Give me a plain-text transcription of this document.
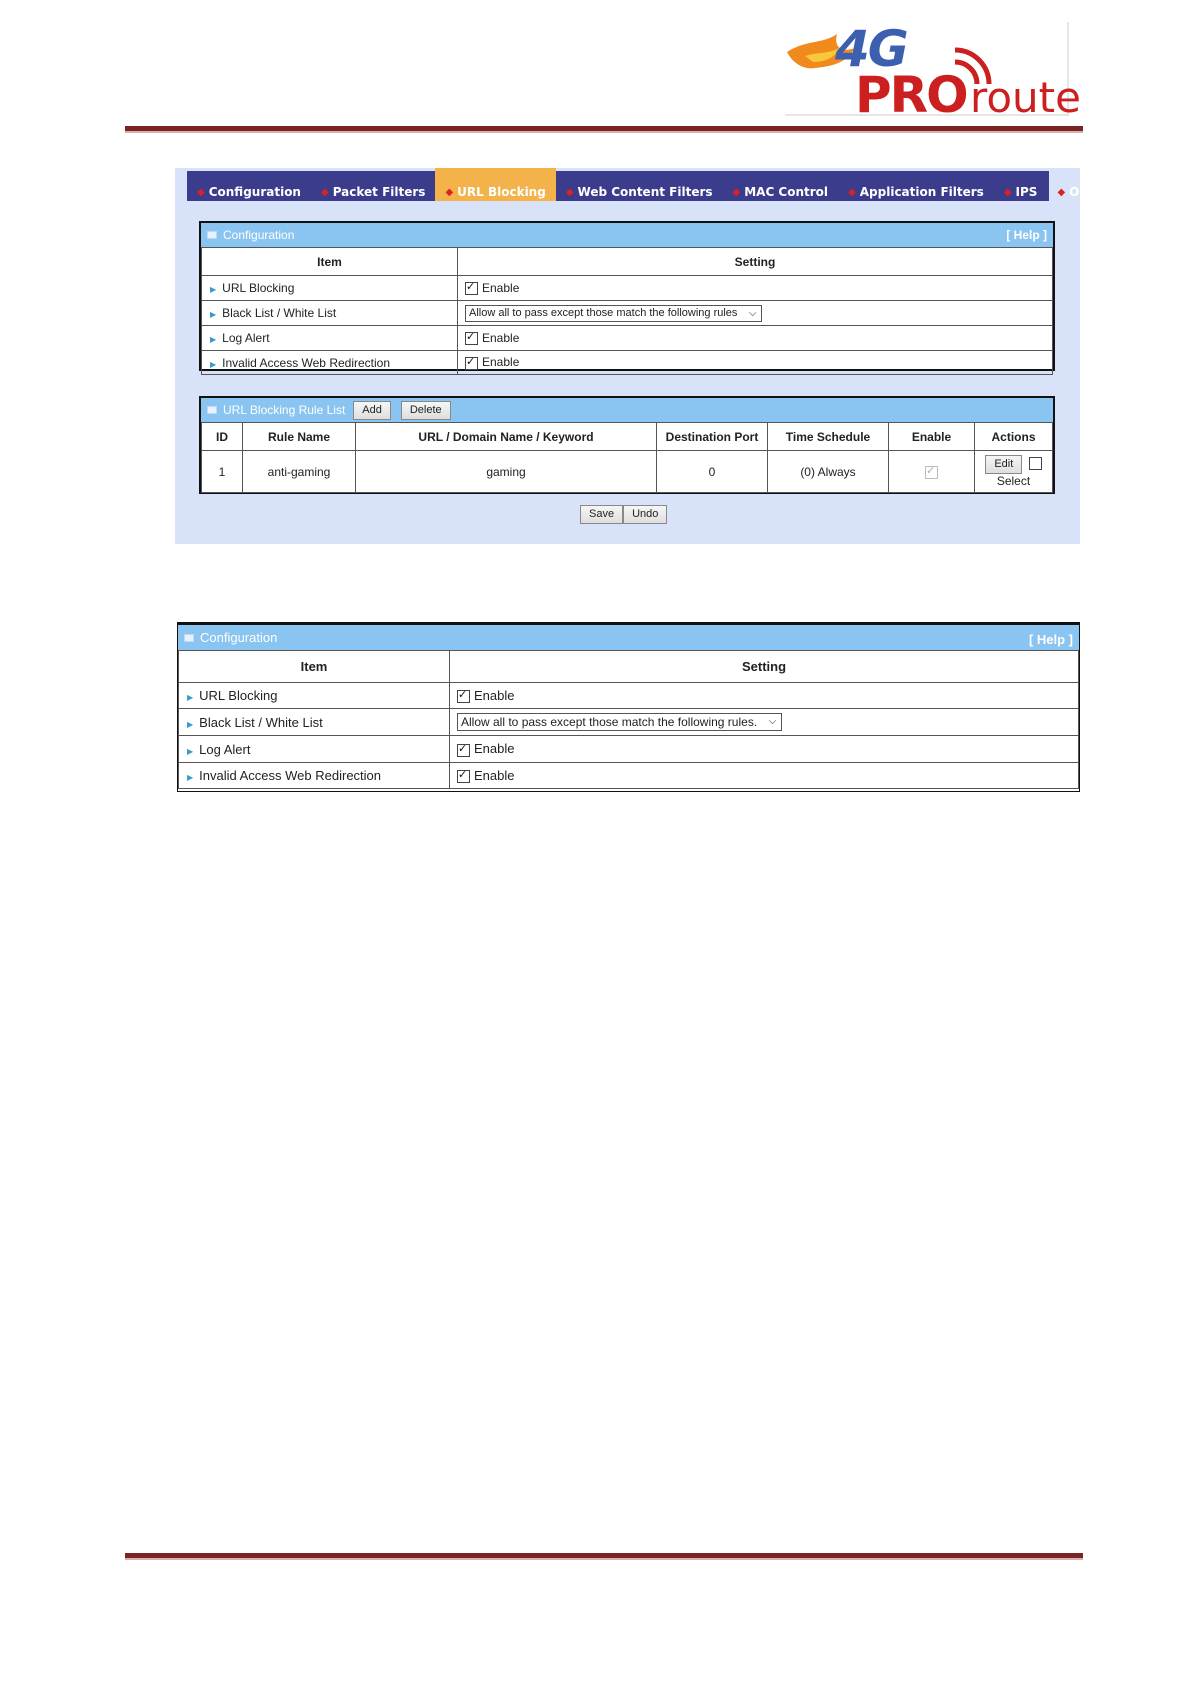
4G
PRO route
◆ Configuration ◆ Packet Filters ◆ URL Blocking ◆ Web Content Filters ◆ MAC Control ◆ Application Filters ◆ IPS ◆ Options
Configuration	[ Help ]
Item	Setting
▶ URL Blocking	✓Enable
▶ Black List / White List	Allow all to pass except those match the following rules ⌵

▶ Log Alert	✓Enable
▶ Invalid Access Web Redirection	✓Enable
URL Blocking Rule List	Add	Delete
ID	Rule Name	URL / Domain Name / Keyword	Destination Port	Time Schedule	Enable	Actions
1	anti-gaming	gaming	0	(0) Always	✓	Edit
Select
Save	Undo
Configuration	[ Help ]
Item	Setting
▶ URL Blocking	✓Enable
▶ Black List / White List	Allow all to pass except those match the following rules. ⌵

▶ Log Alert	✓Enable
▶ Invalid Access Web Redirection	✓Enable
